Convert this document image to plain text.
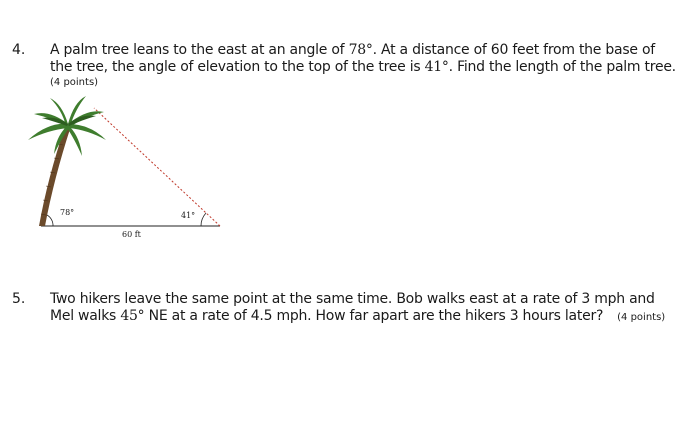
4. A palm tree leans to the east at an angle of 78°. At a distance of 60 feet from the base of
the tree, the angle of elevation to the top of the tree is 41°. Find the length of the palm tree.
(4 points)
78°	41°
60 ft
5. Two hikers leave the same point at the same time. Bob walks east at a rate of 3 mph and
Mel walks 45° NE at a rate of 4.5 mph. How far apart are the hikers 3 hours later? (4 points)
